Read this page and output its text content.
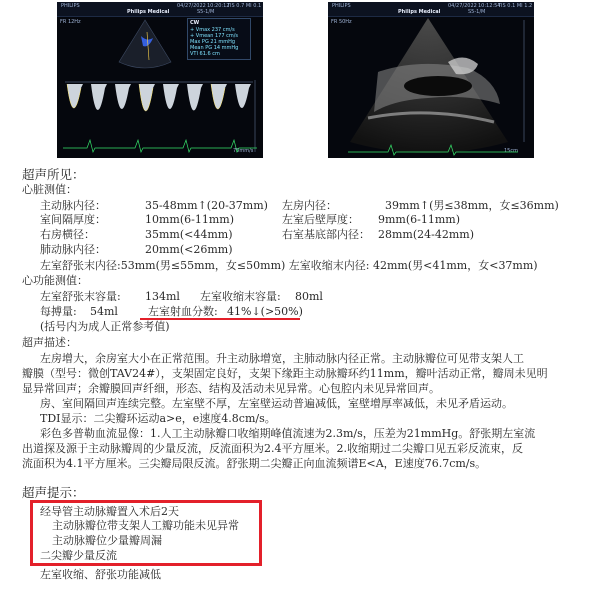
PHILIPS
Philips Medical
04/27/2022 10:20:12
TIS 0.7 MI 0.1
S5-1/M
FR 12Hz
75mm/s
CW
+ Vmax 237 cm/s
+ Vmean 177 cm/s
Max PG 21 mmHg
Mean PG 14 mmHg
VTI 61.6 cm
PHILIPS
Philips Medical
04/27/2022 10:12:54
TIS 0.1 MI 1.2
S5-1/M
FR 50Hz
15cm
超声所见：
心脏测值：
主动脉内径：	35-48mm↑(20-37mm) 左房内径：	39mm↑(男≤38mm，女≤36mm)
室间隔厚度：	10mm(6-11mm)	左室后壁厚度： 9mm(6-11mm)
右房横径：	35mm(<44mm)	右室基底部内径： 28mm(24-42mm)
肺动脉内径：	20mm(<26mm)
左室舒张末内径:53mm(男≤55mm，女≤50mm) 左室收缩末内径: 42mm(男<41mm，女<37mm)
心功能测值：
左室舒张末容量: 134ml 左室收缩末容量: 80ml
每搏量: 54ml	左室射血分数: 41%↓(>50%)
(括号内为成人正常参考值)
超声描述：
左房增大，余房室大小在正常范围。升主动脉增宽，主肺动脉内径正常。主动脉瓣位可见带支架人工
瓣膜（型号：微创TAV24#），支架固定良好，支架下缘距主动脉瓣环约11mm，瓣叶活动正常，瓣周未见明
显异常回声；余瓣膜回声纤细，形态、结构及活动未见异常。心包腔内未见异常回声。
房、室间隔回声连续完整。左室壁不厚，左室壁运动普遍减低，室壁增厚率减低，未见矛盾运动。
TDI显示：二尖瓣环运动a>e，e速度4.8cm/s。
彩色多普勒血流显像：1.人工主动脉瓣口收缩期峰值流速为2.3m/s，压差为21mmHg。舒张期左室流
出道探及源于主动脉瓣周的少量反流，反流面积为2.4平方厘米。2.收缩期过二尖瓣口见五彩反流束，反
流面积为4.1平方厘米。三尖瓣局限反流。舒张期二尖瓣正向血流频谱E<A，E速度76.7cm/s。
超声提示：
经导管主动脉瓣置入术后2天
主动脉瓣位带支架人工瓣功能未见异常
主动脉瓣位少量瓣周漏
二尖瓣少量反流
左室收缩、舒张功能减低
